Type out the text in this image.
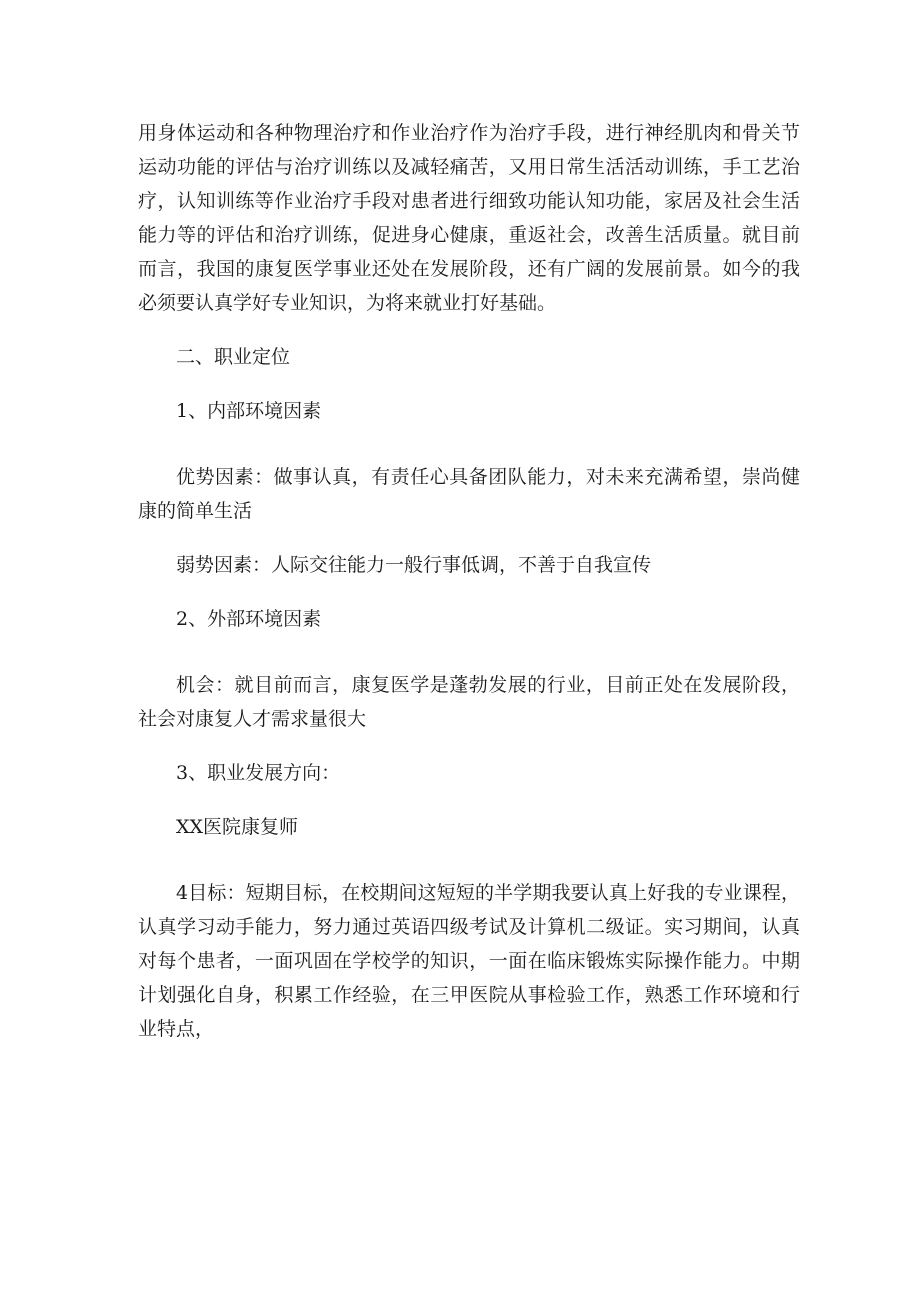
用身体运动和各种物理治疗和作业治疗作为治疗手段，进行神经肌肉和骨关节运动功能的评估与治疗训练以及减轻痛苦，又用日常生活活动训练，手工艺治疗，认知训练等作业治疗手段对患者进行细致功能认知功能，家居及社会生活能力等的评估和治疗训练，促进身心健康，重返社会，改善生活质量。就目前而言，我国的康复医学事业还处在发展阶段，还有广阔的发展前景。如今的我必须要认真学好专业知识，为将来就业打好基础。

二、职业定位

1、内部环境因素

优势因素：做事认真，有责任心具备团队能力，对未来充满希望，崇尚健康的简单生活

弱势因素：人际交往能力一般行事低调，不善于自我宣传

2、外部环境因素

机会：就目前而言，康复医学是蓬勃发展的行业，目前正处在发展阶段，社会对康复人才需求量很大

3、职业发展方向：

XX医院康复师

4目标：短期目标，在校期间这短短的半学期我要认真上好我的专业课程，认真学习动手能力，努力通过英语四级考试及计算机二级证。实习期间，认真对每个患者，一面巩固在学校学的知识，一面在临床锻炼实际操作能力。中期计划强化自身，积累工作经验，在三甲医院从事检验工作，熟悉工作环境和行业特点，
